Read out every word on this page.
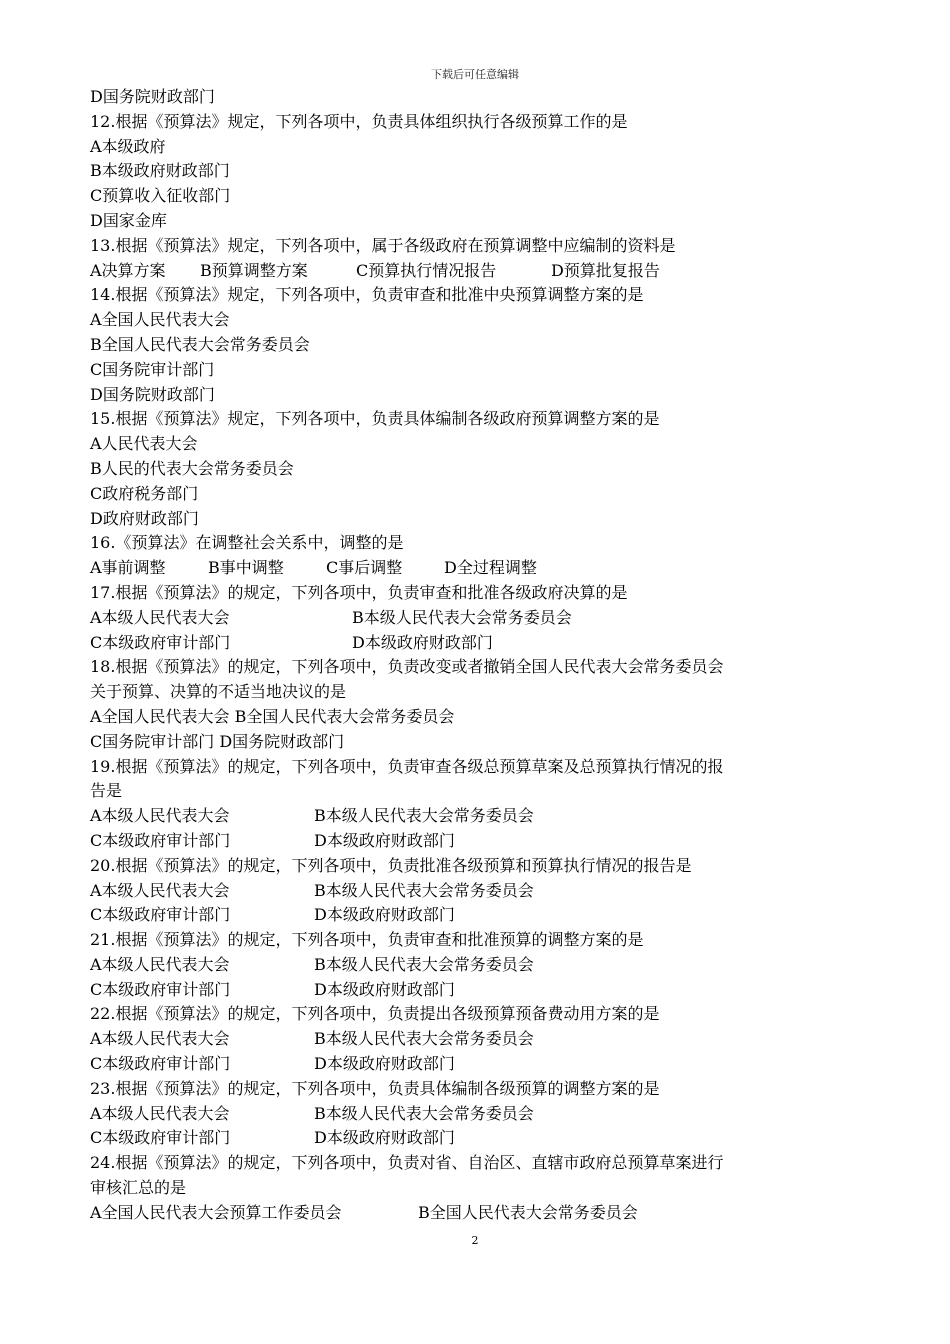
下载后可任意编辑
D国务院财政部门
12.根据《预算法》规定，下列各项中，负责具体组织执行各级预算工作的是
A本级政府
B本级政府财政部门
C预算收入征收部门
D国家金库
13.根据《预算法》规定，下列各项中，属于各级政府在预算调整中应编制的资料是
A决算方案 B预算调整方案	C预算执行情况报告	D预算批复报告
14.根据《预算法》规定，下列各项中，负责审查和批准中央预算调整方案的是
A全国人民代表大会
B全国人民代表大会常务委员会
C国务院审计部门
D国务院财政部门
15.根据《预算法》规定，下列各项中，负责具体编制各级政府预算调整方案的是
A人民代表大会
B人民的代表大会常务委员会
C政府税务部门
D政府财政部门
16.《预算法》在调整社会关系中，调整的是
A事前调整	B事中调整	C事后调整	D全过程调整
17.根据《预算法》的规定，下列各项中，负责审查和批准各级政府决算的是
A本级人民代表大会	B本级人民代表大会常务委员会
C本级政府审计部门	D本级政府财政部门
18.根据《预算法》的规定，下列各项中，负责改变或者撤销全国人民代表大会常务委员会
关于预算、决算的不适当地决议的是
A全国人民代表大会 B全国人民代表大会常务委员会
C国务院审计部门 D国务院财政部门
19.根据《预算法》的规定，下列各项中，负责审查各级总预算草案及总预算执行情况的报
告是
A本级人民代表大会	B本级人民代表大会常务委员会
C本级政府审计部门	D本级政府财政部门
20.根据《预算法》的规定，下列各项中，负责批准各级预算和预算执行情况的报告是
A本级人民代表大会	B本级人民代表大会常务委员会
C本级政府审计部门	D本级政府财政部门
21.根据《预算法》的规定，下列各项中，负责审查和批准预算的调整方案的是
A本级人民代表大会	B本级人民代表大会常务委员会
C本级政府审计部门	D本级政府财政部门
22.根据《预算法》的规定，下列各项中，负责提出各级预算预备费动用方案的是
A本级人民代表大会	B本级人民代表大会常务委员会
C本级政府审计部门	D本级政府财政部门
23.根据《预算法》的规定，下列各项中，负责具体编制各级预算的调整方案的是
A本级人民代表大会	B本级人民代表大会常务委员会
C本级政府审计部门	D本级政府财政部门
24.根据《预算法》的规定，下列各项中，负责对省、自治区、直辖市政府总预算草案进行
审核汇总的是
A全国人民代表大会预算工作委员会	B全国人民代表大会常务委员会
2
